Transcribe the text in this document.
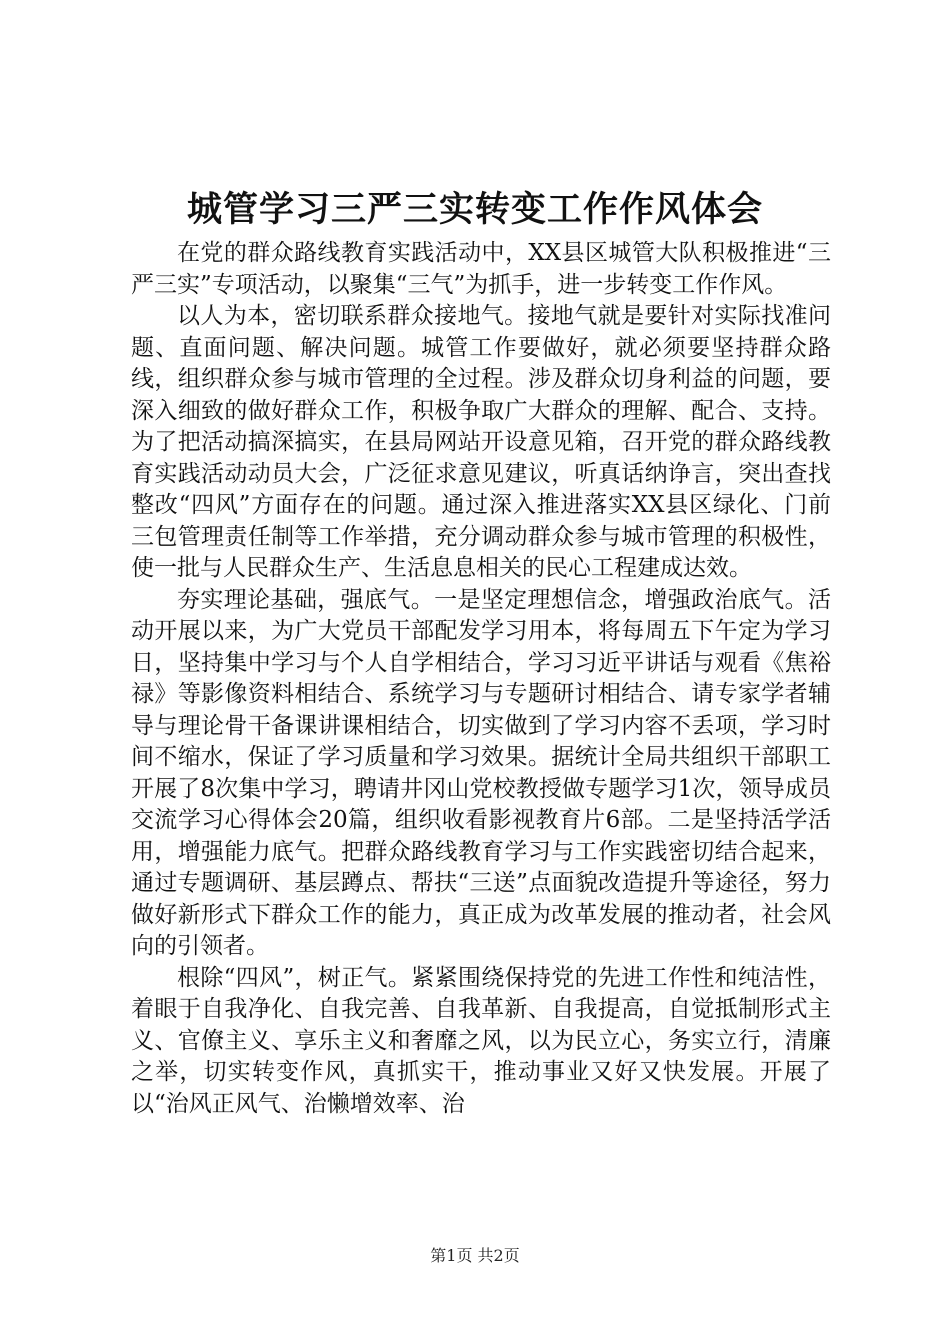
城管学习三严三实转变工作作风体会

在党的群众路线教育实践活动中，XX县区城管大队积极推进“三严三实”专项活动，以聚集“三气”为抓手，进一步转变工作作风。

以人为本，密切联系群众接地气。接地气就是要针对实际找准问题、直面问题、解决问题。城管工作要做好，就必须要坚持群众路线，组织群众参与城市管理的全过程。涉及群众切身利益的问题，要深入细致的做好群众工作，积极争取广大群众的理解、配合、支持。为了把活动搞深搞实，在县局网站开设意见箱，召开党的群众路线教育实践活动动员大会，广泛征求意见建议，听真话纳诤言，突出查找整改“四风”方面存在的问题。通过深入推进落实XX县区绿化、门前三包管理责任制等工作举措，充分调动群众参与城市管理的积极性，使一批与人民群众生产、生活息息相关的民心工程建成达效。

夯实理论基础，强底气。一是坚定理想信念，增强政治底气。活动开展以来，为广大党员干部配发学习用本，将每周五下午定为学习日，坚持集中学习与个人自学相结合，学习习近平讲话与观看《焦裕禄》等影像资料相结合、系统学习与专题研讨相结合、请专家学者辅导与理论骨干备课讲课相结合，切实做到了学习内容不丢项，学习时间不缩水，保证了学习质量和学习效果。据统计全局共组织干部职工开展了8次集中学习，聘请井冈山党校教授做专题学习1次，领导成员交流学习心得体会20篇，组织收看影视教育片6部。二是坚持活学活用，增强能力底气。把群众路线教育学习与工作实践密切结合起来，通过专题调研、基层蹲点、帮扶“三送”点面貌改造提升等途径，努力做好新形式下群众工作的能力，真正成为改革发展的推动者，社会风向的引领者。

根除“四风”，树正气。紧紧围绕保持党的先进工作性和纯洁性，着眼于自我净化、自我完善、自我革新、自我提高，自觉抵制形式主义、官僚主义、享乐主义和奢靡之风，以为民立心，务实立行，清廉之举，切实转变作风，真抓实干，推动事业又好又快发展。开展了以“治风正风气、治懒增效率、治

第1页 共2页
